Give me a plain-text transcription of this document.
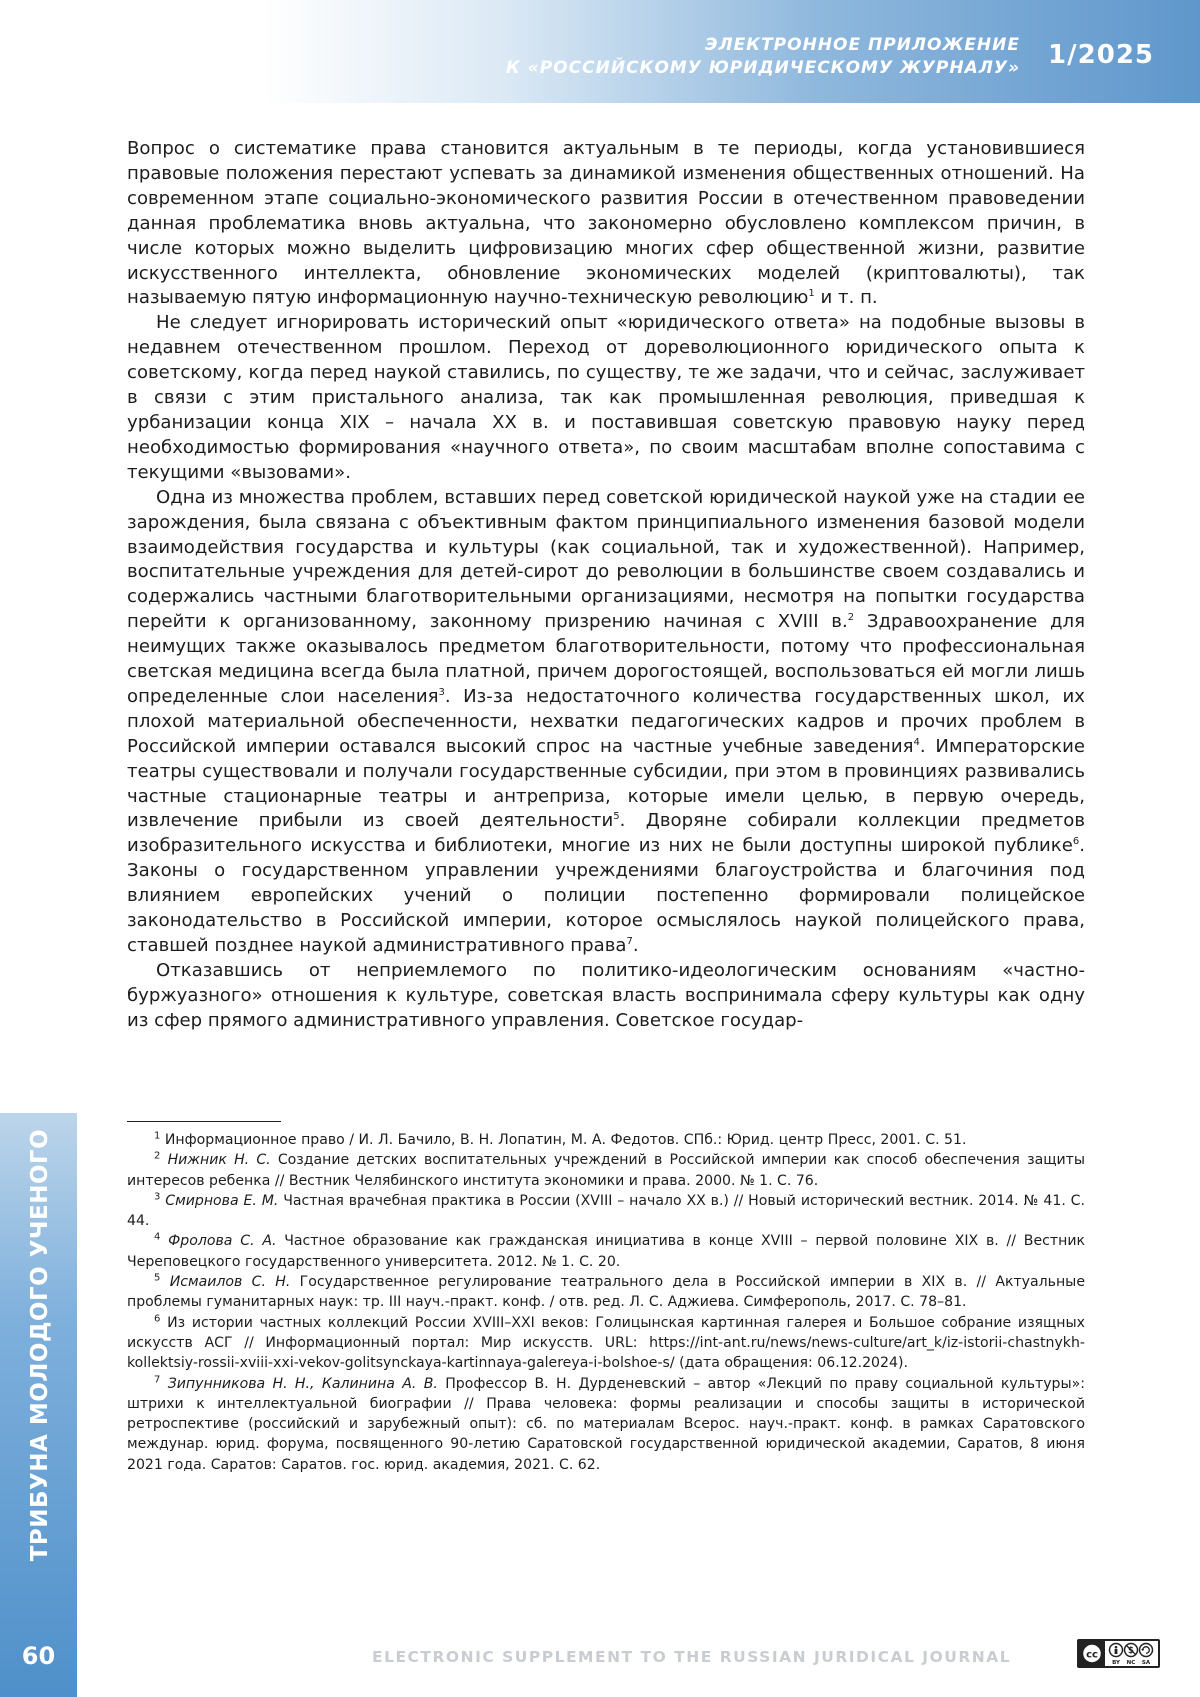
ЭЛЕКТРОННОЕ ПРИЛОЖЕНИЕ
К «РОССИЙСКОМУ ЮРИДИЧЕСКОМУ ЖУРНАЛУ» 1/2025
ТРИБУНА МОЛОДОГО УЧЕНОГО
60

Вопрос о систематике права становится актуальным в те периоды, когда установившиеся правовые положения перестают успевать за динамикой изменения общественных отношений. На современном этапе социально-экономического развития России в отечественном правоведении данная проблематика вновь актуальна, что закономерно обусловлено комплексом причин, в числе которых можно выделить цифровизацию многих сфер общественной жизни, развитие искусственного интеллекта, обновление экономических моделей (криптовалюты), так называемую пятую информационную научно-техническую революцию1 и т. п.

Не следует игнорировать исторический опыт «юридического ответа» на подобные вызовы в недавнем отечественном прошлом. Переход от дореволюционного юридического опыта к советскому, когда перед наукой ставились, по существу, те же задачи, что и сейчас, заслуживает в связи с этим пристального анализа, так как промышленная революция, приведшая к урбанизации конца XIX – начала XX в. и поставившая советскую правовую науку перед необходимостью формирования «научного ответа», по своим масштабам вполне сопоставима с текущими «вызовами».

Одна из множества проблем, вставших перед советской юридической наукой уже на стадии ее зарождения, была связана с объективным фактом принципиального изменения базовой модели взаимодействия государства и культуры (как социальной, так и художественной). Например, воспитательные учреждения для детей-сирот до революции в большинстве своем создавались и содержались частными благотворительными организациями, несмотря на попытки государства перейти к организованному, законному призрению начиная с XVIII в.2 Здравоохранение для неимущих также оказывалось предметом благотворительности, потому что профессиональная светская медицина всегда была платной, причем дорогостоящей, воспользоваться ей могли лишь определенные слои населения3. Из-за недостаточного количества государственных школ, их плохой материальной обеспеченности, нехватки педагогических кадров и прочих проблем в Российской империи оставался высокий спрос на частные учебные заведения4. Императорские театры существовали и получали государственные субсидии, при этом в провинциях развивались частные стационарные театры и антреприза, которые имели целью, в первую очередь, извлечение прибыли из своей деятельности5. Дворяне собирали коллекции предметов изобразительного искусства и библиотеки, многие из них не были доступны широкой публике6. Законы о государственном управлении учреждениями благоустройства и благочиния под влиянием европейских учений о полиции постепенно формировали полицейское законодательство в Российской империи, которое осмыслялось наукой полицейского права, ставшей позднее наукой административного права7.

Отказавшись от неприемлемого по политико-идеологическим основаниям «частно-буржуазного» отношения к культуре, советская власть воспринимала сферу культуры как одну из сфер прямого административного управления. Советское государ-

1 Информационное право / И. Л. Бачило, В. Н. Лопатин, М. А. Федотов. СПб.: Юрид. центр Пресс, 2001. С. 51.

2 Нижник Н. С. Создание детских воспитательных учреждений в Российской империи как способ обеспечения защиты интересов ребенка // Вестник Челябинского института экономики и права. 2000. № 1. С. 76.

3 Смирнова Е. М. Частная врачебная практика в России (XVIII – начало XX в.) // Новый исторический вестник. 2014. № 41. С. 44.

4 Фролова С. А. Частное образование как гражданская инициатива в конце XVIII – первой половине XIX в. // Вестник Череповецкого государственного университета. 2012. № 1. С. 20.

5 Исмаилов С. Н. Государственное регулирование театрального дела в Российской империи в XIX в. // Актуальные проблемы гуманитарных наук: тр. III науч.-практ. конф. / отв. ред. Л. С. Аджиева. Симферополь, 2017. С. 78–81.

6 Из истории частных коллекций России XVIII–XXI веков: Голицынская картинная галерея и Большое собрание изящных искусств АСГ // Информационный портал: Мир искусств. URL: https://int-ant.ru/news/news-culture/art_k/iz-istorii-chastnykh-kollektsiy-rossii-xviii-xxi-vekov-golitsynckaya-kartinnaya-galereya-i-bolshoe-s/ (дата обращения: 06.12.2024).

7 Зипунникова Н. Н., Калинина А. В. Профессор В. Н. Дурденевский – автор «Лекций по праву социальной культуры»: штрихи к интеллектуальной биографии // Права человека: формы реализации и способы защиты в исторической ретроспективе (российский и зарубежный опыт): сб. по материалам Всерос. науч.-практ. конф. в рамках Саратовского междунар. юрид. форума, посвященного 90-летию Саратовской государственной юридической академии, Саратов, 8 июня 2021 года. Саратов: Саратов. гос. юрид. академия, 2021. С. 62.

ELECTRONIC SUPPLEMENT TO THE RUSSIAN JURIDICAL JOURNAL	cc	$
BY NC SA
